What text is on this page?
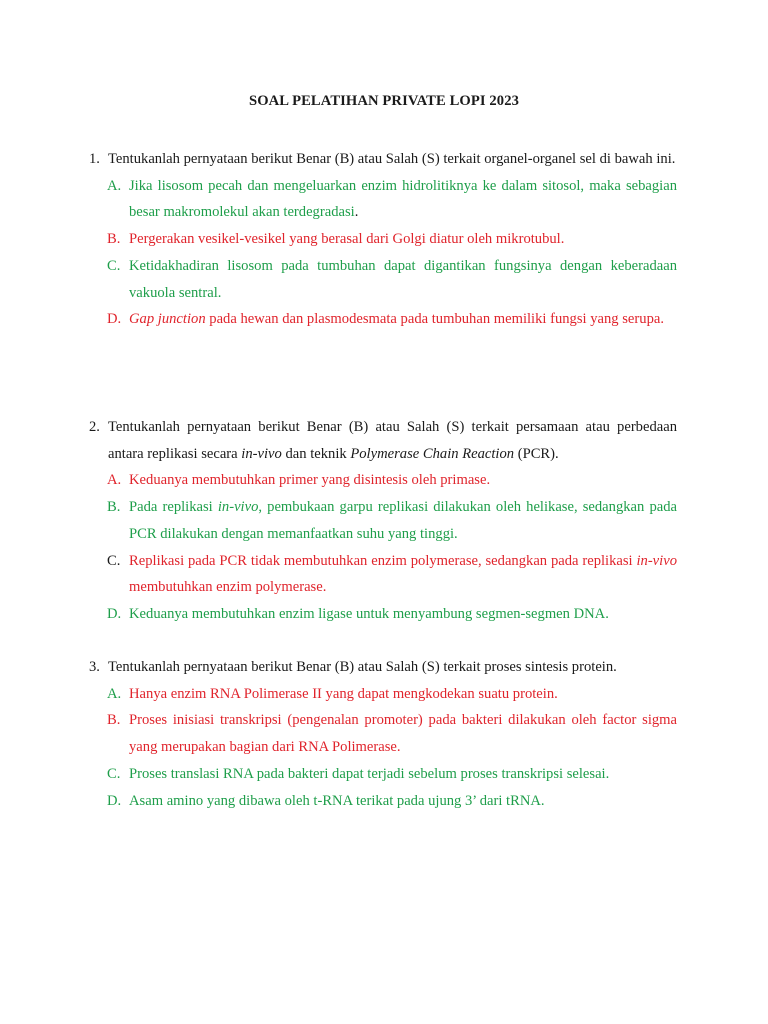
SOAL PELATIHAN PRIVATE LOPI 2023
1. Tentukanlah pernyataan berikut Benar (B) atau Salah (S) terkait organel-organel sel di bawah ini.
A. Jika lisosom pecah dan mengeluarkan enzim hidrolitiknya ke dalam sitosol, maka sebagian besar makromolekul akan terdegradasi.
B. Pergerakan vesikel-vesikel yang berasal dari Golgi diatur oleh mikrotubul.
C. Ketidakhadiran lisosom pada tumbuhan dapat digantikan fungsinya dengan keberadaan vakuola sentral.
D. Gap junction pada hewan dan plasmodesmata pada tumbuhan memiliki fungsi yang serupa.
2. Tentukanlah pernyataan berikut Benar (B) atau Salah (S) terkait persamaan atau perbedaan antara replikasi secara in-vivo dan teknik Polymerase Chain Reaction (PCR).
A. Keduanya membutuhkan primer yang disintesis oleh primase.
B. Pada replikasi in-vivo, pembukaan garpu replikasi dilakukan oleh helikase, sedangkan pada PCR dilakukan dengan memanfaatkan suhu yang tinggi.
C. Replikasi pada PCR tidak membutuhkan enzim polymerase, sedangkan pada replikasi in-vivo membutuhkan enzim polymerase.
D. Keduanya membutuhkan enzim ligase untuk menyambung segmen-segmen DNA.
3. Tentukanlah pernyataan berikut Benar (B) atau Salah (S) terkait proses sintesis protein.
A. Hanya enzim RNA Polimerase II yang dapat mengkodekan suatu protein.
B. Proses inisiasi transkripsi (pengenalan promoter) pada bakteri dilakukan oleh factor sigma yang merupakan bagian dari RNA Polimerase.
C. Proses translasi RNA pada bakteri dapat terjadi sebelum proses transkripsi selesai.
D. Asam amino yang dibawa oleh t-RNA terikat pada ujung 3’ dari tRNA.
